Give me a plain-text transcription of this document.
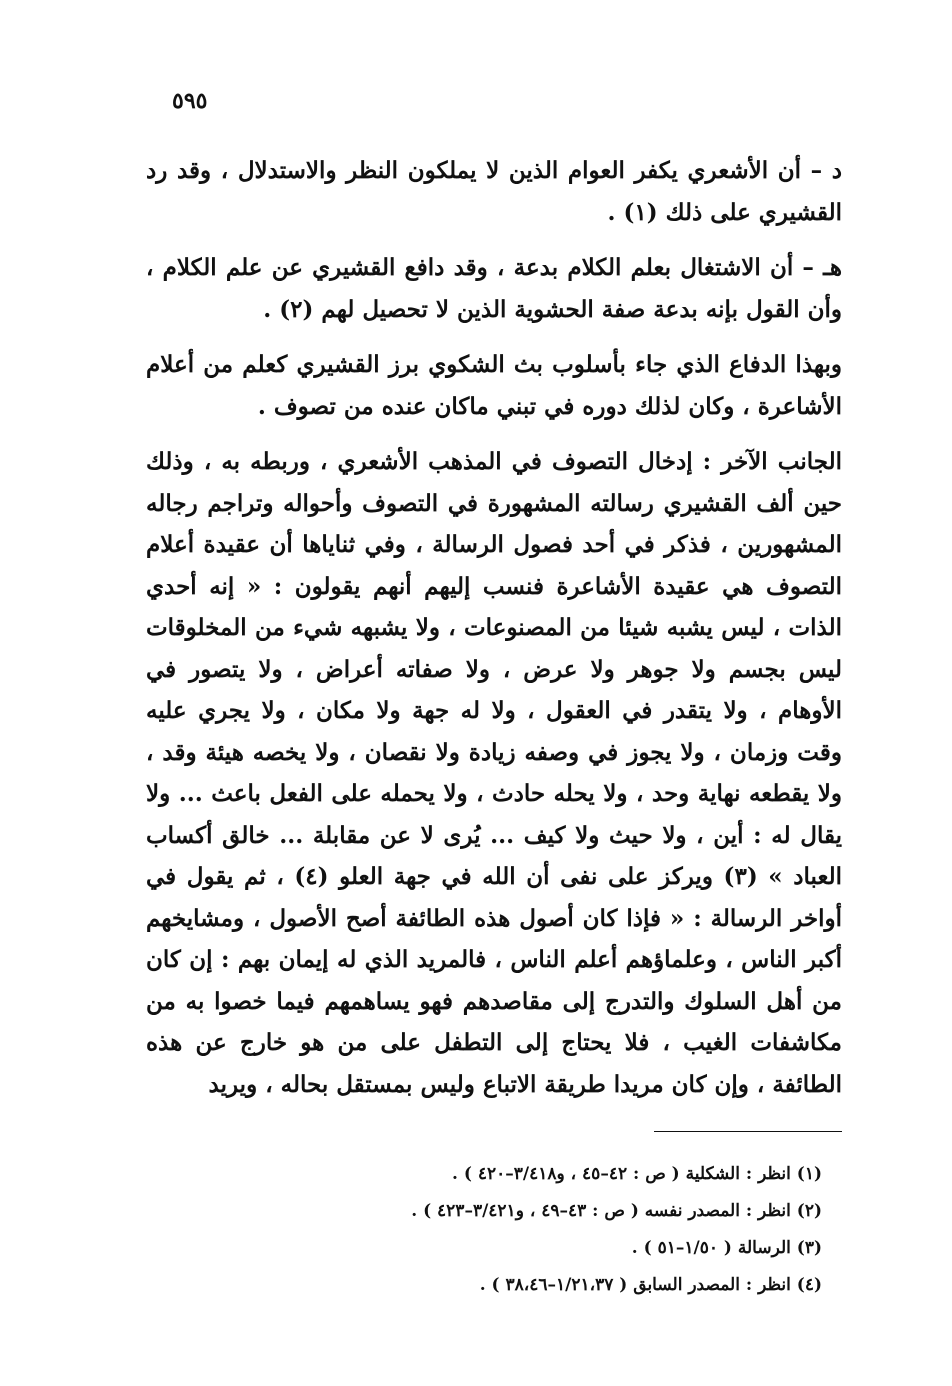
٥٩٥

د – أن الأشعري يكفر العوام الذين لا يملكون النظر والاستدلال ، وقد رد القشيري على ذلك (١) .

هـ – أن الاشتغال بعلم الكلام بدعة ، وقد دافع القشيري عن علم الكلام ، وأن القول بإنه بدعة صفة الحشوية الذين لا تحصيل لهم (٢) .

وبهذا الدفاع الذي جاء بأسلوب بث الشكوي برز القشيري كعلم من أعلام الأشاعرة ، وكان لذلك دوره في تبني ماكان عنده من تصوف .

الجانب الآخر : إدخال التصوف في المذهب الأشعري ، وربطه به ، وذلك حين ألف القشيري رسالته المشهورة في التصوف وأحواله وتراجم رجاله المشهورين ، فذكر في أحد فصول الرسالة ، وفي ثناياها أن عقيدة أعلام التصوف هي عقيدة الأشاعرة فنسب إليهم أنهم يقولون : « إنه أحدي الذات ، ليس يشبه شيئا من المصنوعات ، ولا يشبهه شيء من المخلوقات ليس بجسم ولا جوهر ولا عرض ، ولا صفاته أعراض ، ولا يتصور في الأوهام ، ولا يتقدر في العقول ، ولا له جهة ولا مكان ، ولا يجري عليه وقت وزمان ، ولا يجوز في وصفه زيادة ولا نقصان ، ولا يخصه هيئة وقد ، ولا يقطعه نهاية وحد ، ولا يحله حادث ، ولا يحمله على الفعل باعث ... ولا يقال له : أين ، ولا حيث ولا كيف ... يُرى لا عن مقابلة ... خالق أكساب العباد » (٣) ويركز على نفى أن الله في جهة العلو (٤) ، ثم يقول في أواخر الرسالة : « فإذا كان أصول هذه الطائفة أصح الأصول ، ومشايخهم أكبر الناس ، وعلماؤهم أعلم الناس ، فالمريد الذي له إيمان بهم : إن كان من أهل السلوك والتدرج إلى مقاصدهم فهو يساهمهم فيما خصوا به من مكاشفات الغيب ، فلا يحتاج إلى التطفل على من هو خارج عن هذه الطائفة ، وإن كان مريدا طريقة الاتباع وليس بمستقل بحاله ، ويريد

(١) انظر : الشكلية ( ص : ٤٢–٤٥ ، و٣/٤١٨–٤٢٠ ) .

(٢) انظر : المصدر نفسه ( ص : ٤٣–٤٩ ، و٣/٤٢١–٤٢٣ ) .

(٣) الرسالة ( ١/٥٠–٥١ ) .

(٤) انظر : المصدر السابق ( ١/٢١،٣٧–٣٨،٤٦ ) .
